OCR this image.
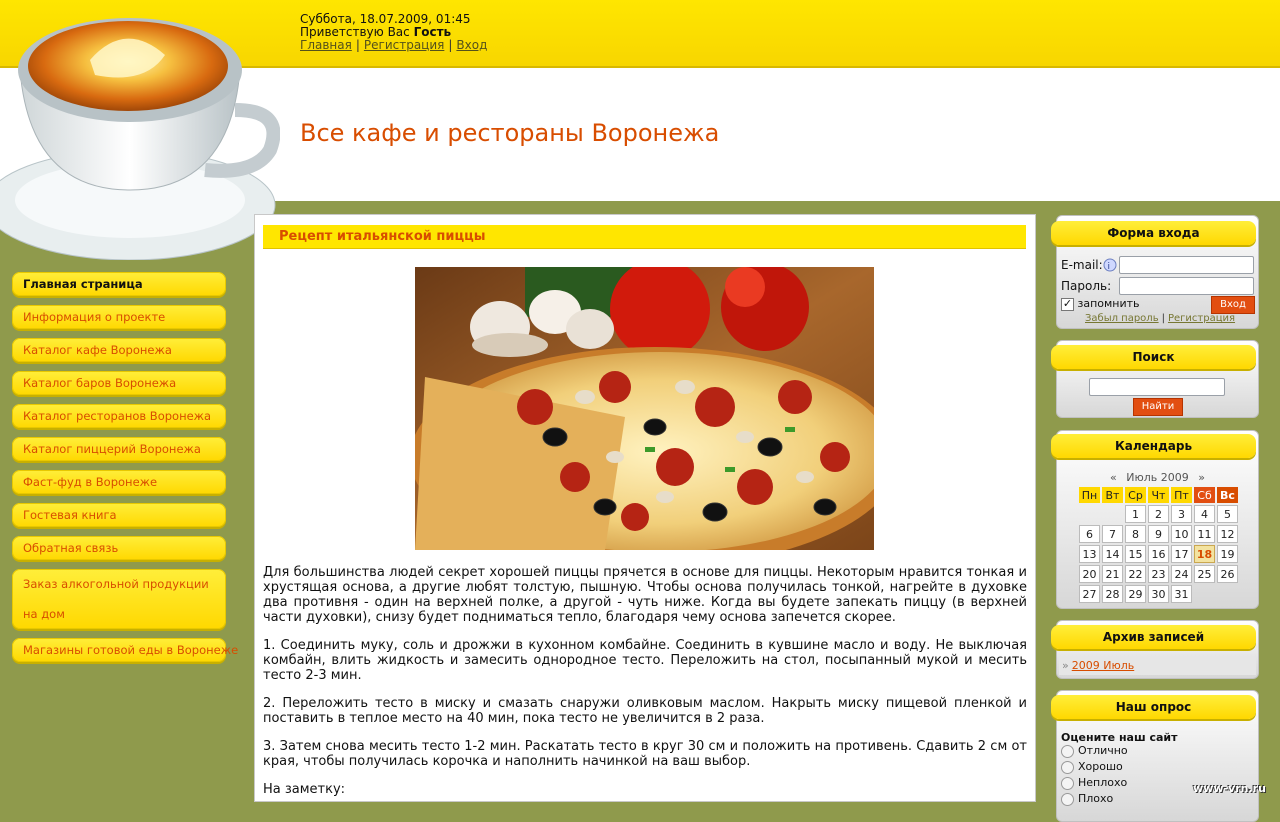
Суббота, 18.07.2009, 01:45
Приветствую Вас Гость
Главная | Регистрация | Вход
Все кафе и рестораны Воронежа
Главная страница
Информация о проекте
Каталог кафе Воронежа
Каталог баров Воронежа
Каталог ресторанов Воронежа
Каталог пиццерий Воронежа
Фаст-фуд в Воронеже
Гостевая книга
Обратная связь
Заказ алкогольной продукции на дом
Магазины готовой еды в Воронеже
Рецепт итальянской пиццы

Для большинства людей секрет хорошей пиццы прячется в основе для пиццы. Некоторым нравится тонкая и хрустящая основа, а другие любят толстую, пышную. Чтобы основа получилась тонкой, нагрейте в духовке два противня - один на верхней полке, а другой - чуть ниже. Когда вы будете запекать пиццу (в верхней части духовки), снизу будет подниматься тепло, благодаря чему основа запечется скорее.

1. Соединить муку, соль и дрожжи в кухонном комбайне. Соединить в кувшине масло и воду. Не выключая комбайн, влить жидкость и замесить однородное тесто. Переложить на стол, посыпанный мукой и месить тесто 2-3 мин.

2. Переложить тесто в миску и смазать снаружи оливковым маслом. Накрыть миску пищевой пленкой и поставить в теплое место на 40 мин, пока тесто не увеличится в 2 раза.

3. Затем снова месить тесто 1-2 мин. Раскатать тесто в круг 30 см и положить на противень. Сдавить 2 см от края, чтобы получилась корочка и наполнить начинкой на ваш выбор.

На заметку:

Форма входа
E-mail: i
Пароль:
✓ запомнить	Вход
Забыл пароль | Регистрация
Поиск
Найти
Календарь
« Июль 2009 »
Пн	Вт	Ср	Чт	Пт	Сб	Вс
		1	2	3	4	5
6	7	8	9	10	11	12
13	14	15	16	17	18	19
20	21	22	23	24	25	26
27	28	29	30	31		
Архив записей
» 2009 Июль
Наш опрос
Оцените наш сайт
Отлично
Хорошо
Неплохо
Плохо
www-vrn.ru
